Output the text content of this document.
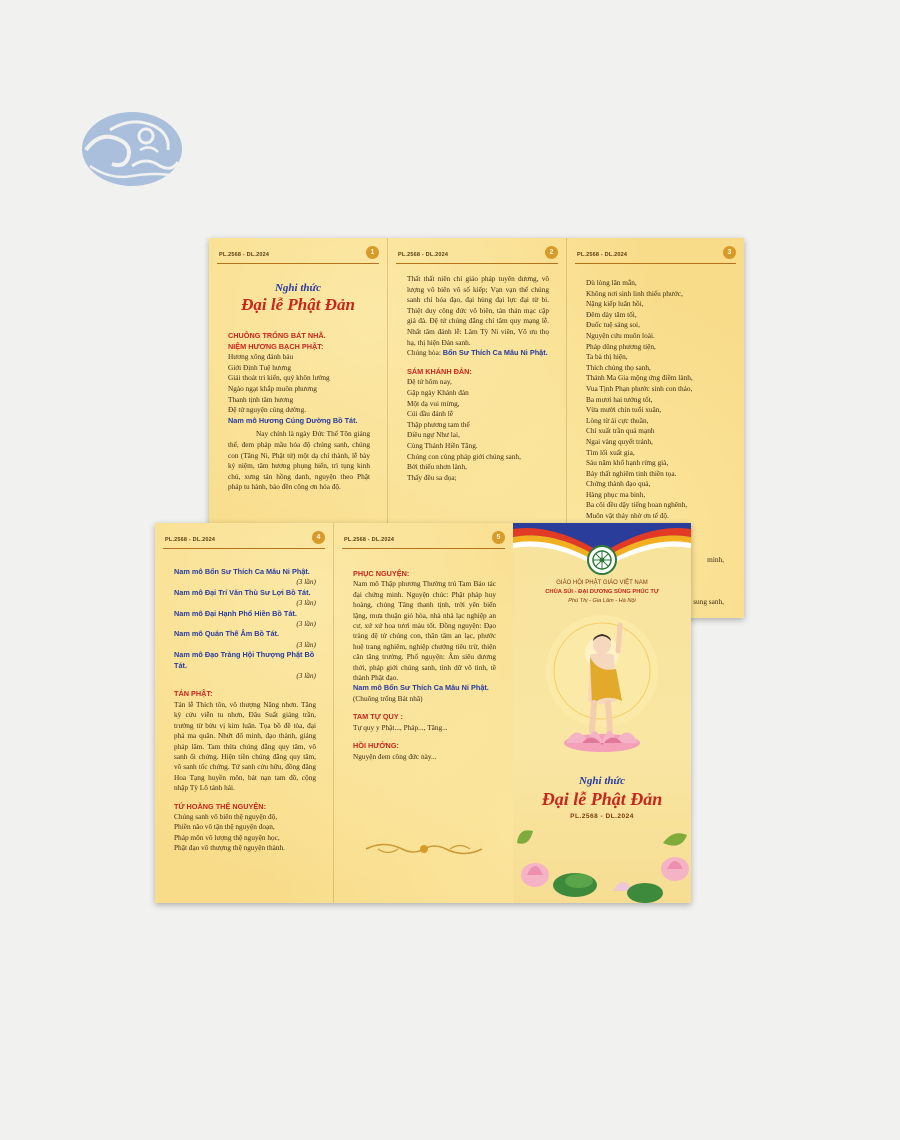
PL.2568 - DL.2024	1
Nghi thức
Đại lễ Phật Đản

CHUÔNG TRỐNG BÁT NHÃ.

NIỆM HƯƠNG BẠCH PHẬT:

Hương xông đảnh báu

Giới Định Tuệ hương

Giải thoát tri kiến, quý khôn lường

Ngào ngạt khắp muôn phương

Thanh tịnh tâm hương

Đệ tử nguyện cúng dường.

Nam mô Hương Cúng Dường Bồ Tát.

Nay chính là ngày Đức Thế Tôn giáng thế, đem pháp mầu hóa độ chúng sanh, chúng con (Tăng Ni, Phật tử) một dạ chí thành, lễ bày kỷ niệm, tâm hương phụng hiến, trì tụng kinh chú, xưng tán hồng danh, nguyện theo Phật pháp tu hành, bảo đền công ơn hóa độ.

PL.2568 - DL.2024	2

Thất thất niên chí giáo pháp tuyên dương, vô lượng vô biên vô số kiếp; Vạn vạn thế chúng sanh chỉ hóa đạo, đại hùng đại lực đại từ bi. Thiệt duy công đức vô biên, tán thán mạc cập giả đà. Đệ tử chúng đẳng chí tâm quy mạng lễ. Nhất tâm đảnh lễ: Lâm Tỳ Ni viên, Vô ưu thọ hạ, thị hiện Đản sanh.

Chúng hòa: Bổn Sư Thích Ca Mâu Ni Phật.

SÁM KHÁNH ĐẢN:

Đệ tử hôm nay,

Gặp ngày Khánh đản

Một dạ vui mừng,

Cúi đầu đảnh lễ

Thập phương tam thế

Điều ngự Như lai,

Cùng Thánh Hiền Tăng.

Chúng con cùng pháp giới chúng sanh,

Bởi thiếu nhơn lành,

Thấy đều sa đọa;

PL.2568 - DL.2024	3

Dù lòng lăn mẫn,

Không nơi sinh linh thiếu phước,

Nặng kiếp luân hồi,

Đêm dày tăm tối,

Đuốc tuệ sáng soi,

Nguyện cứu muôn loài.

Pháp dũng phương tiện,

Ta bà thị hiện,

Thích chủng thọ sanh,

Thánh Ma Gia mộng ứng điềm lành,

Vua Tịnh Phạn phước sinh con thảo,

Ba mươi hai tướng tốt,

Vừa mười chín tuổi xuân,

Lòng từ ái cực thuần,

Chí xuất trần quả mạnh

Ngai vàng quyết tránh,

Tìm lối xuất gia,

Sáu năm khổ hạnh rừng già,

Bảy thất nghiêm tinh thiền tọa.

Chứng thành đạo quả,

Hàng phục ma binh,

Ba cõi đều dậy tiếng hoan nghênh,

Muôn vật thảy nhờ ơn tế độ.

mình,

sung sanh,

PL.2568 - DL.2024	4

Nam mô Bổn Sư Thích Ca Mâu Ni Phật.

(3 lần)

Nam mô Đại Trí Văn Thù Sư Lợi Bồ Tát.

(3 lần)

Nam mô Đại Hạnh Phổ Hiền Bồ Tát.

(3 lần)

Nam mô Quán Thế Âm Bồ Tát.

(3 lần)

Nam mô Đạo Tràng Hội Thượng Phật Bồ Tát.

(3 lần)

TÁN PHẬT:

Tán lễ Thích tôn, vô thượng Năng nhơn. Tăng kỳ cửu viễn tu nhơn, Đâu Suất giáng trần, trưởng từ bửu vị kim luân. Tọa bồ đề tòa, đại phá ma quân. Nhứt đổ minh, đạo thành, giảng pháp lâm. Tam thừa chúng đẳng quy tâm, vô sanh ổi chứng. Hiện tiền chúng đẳng quy tâm, vô sanh tốc chứng. Tứ sanh cửu hữu, đồng đăng Hoa Tạng huyền môn, bát nạn tam đồ, cộng nhập Tỳ Lô tánh hải.

TỨ HOẰNG THỆ NGUYỆN:

Chúng sanh vô biên thệ nguyện độ,

Phiền não vô tận thệ nguyện đoạn,

Pháp môn vô lượng thệ nguyện học,

Phật đạo vô thượng thệ nguyện thành.

PL.2568 - DL.2024	5

PHỤC NGUYỆN:

Nam mô Thập phương Thường trú Tam Bảo tác đại chứng minh. Nguyện chúc: Phật pháp huy hoàng, chúng Tăng thanh tịnh, trời yên biển lặng, mưa thuận gió hòa, nhà nhà lạc nghiệp an cư, xứ xứ hoa tươi màu tốt. Đồng nguyện: Đạo tràng đệ tử chúng con, thân tâm an lạc, phước huệ trang nghiêm, nghiệp chướng tiêu trừ, thiện căn tăng trưởng. Phổ nguyện: Âm siêu dương thới, pháp giới chúng sanh, tình dữ vô tình, tề thành Phật đạo.

Nam mô Bổn Sư Thích Ca Mâu Ni Phật.

(Chuông trống Bát nhã)

TAM TỰ QUY :

Tự quy y Phật..., Pháp..., Tăng...

HỒI HƯỚNG:

Nguyện đem công đức này...

GIÁO HỘI PHẬT GIÁO VIỆT NAM
CHÙA SỦI - ĐẠI DƯƠNG SÙNG PHÚC TỰ
Phú Thị - Gia Lâm - Hà Nội
Nghi thức
Đại lễ Phật Đản
PL.2568 - DL.2024
